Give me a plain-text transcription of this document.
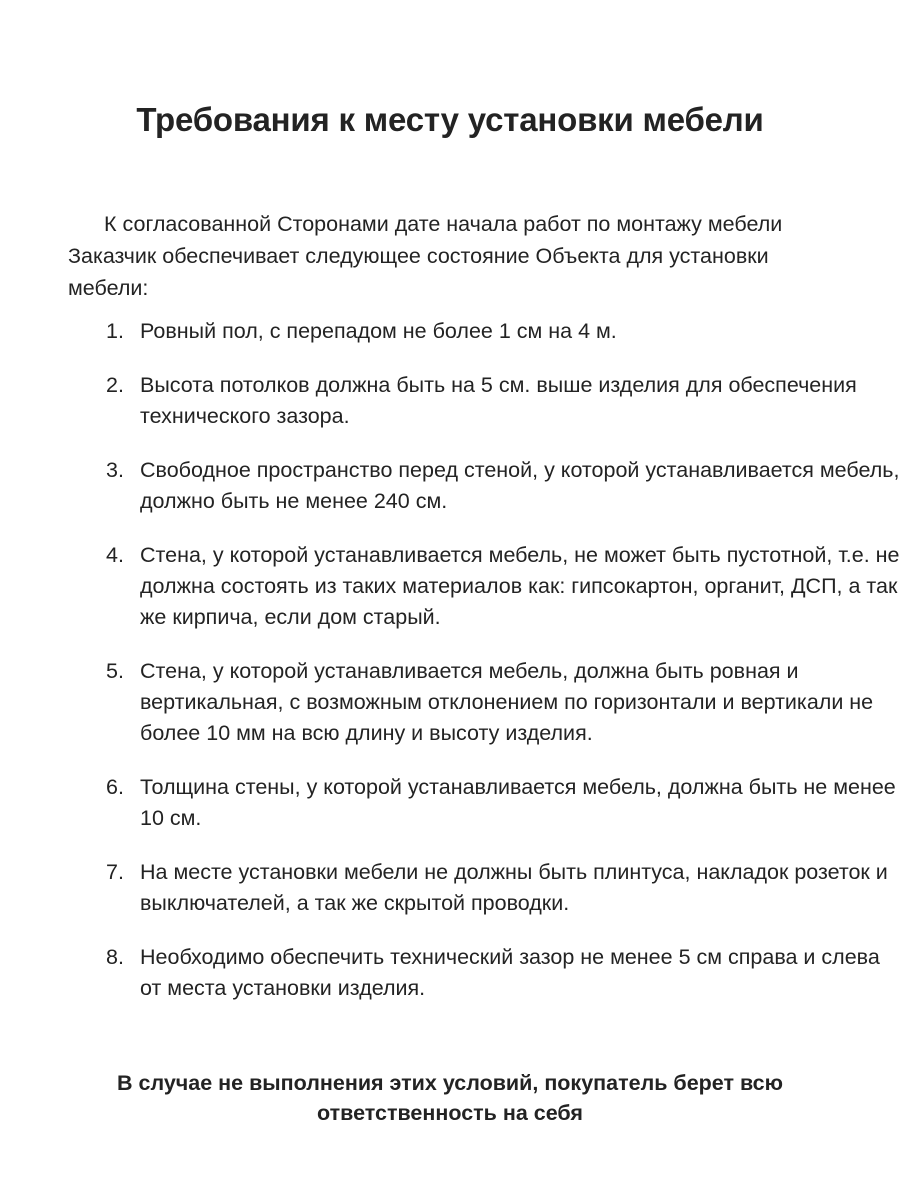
Требования к месту установки мебели

К согласованной Сторонами дате начала работ по монтажу мебели Заказчик обеспечивает следующее состояние Объекта для установки мебели:

1. Ровный пол, с перепадом не более 1 см на 4 м.
2. Высота потолков должна быть на 5 см. выше изделия для обеспечения технического зазора.
3. Свободное пространство перед стеной, у которой устанавливается мебель, должно быть не менее 240 см.
4. Стена, у которой устанавливается мебель, не может быть пустотной, т.е. не должна состоять из таких материалов как: гипсокартон, органит, ДСП, а так же кирпича, если дом старый.
5. Стена, у которой устанавливается мебель, должна быть ровная и вертикальная, с возможным отклонением по горизонтали и вертикали не более 10 мм на всю длину и высоту изделия.
6. Толщина стены, у которой устанавливается мебель, должна быть не менее 10 см.
7. На месте установки мебели не должны быть плинтуса, накладок розеток и выключателей, а так же скрытой проводки.
8. Необходимо обеспечить технический зазор не менее 5 см справа и слева от места установки изделия.

В случае не выполнения этих условий, покупатель берет всю ответственность на себя
